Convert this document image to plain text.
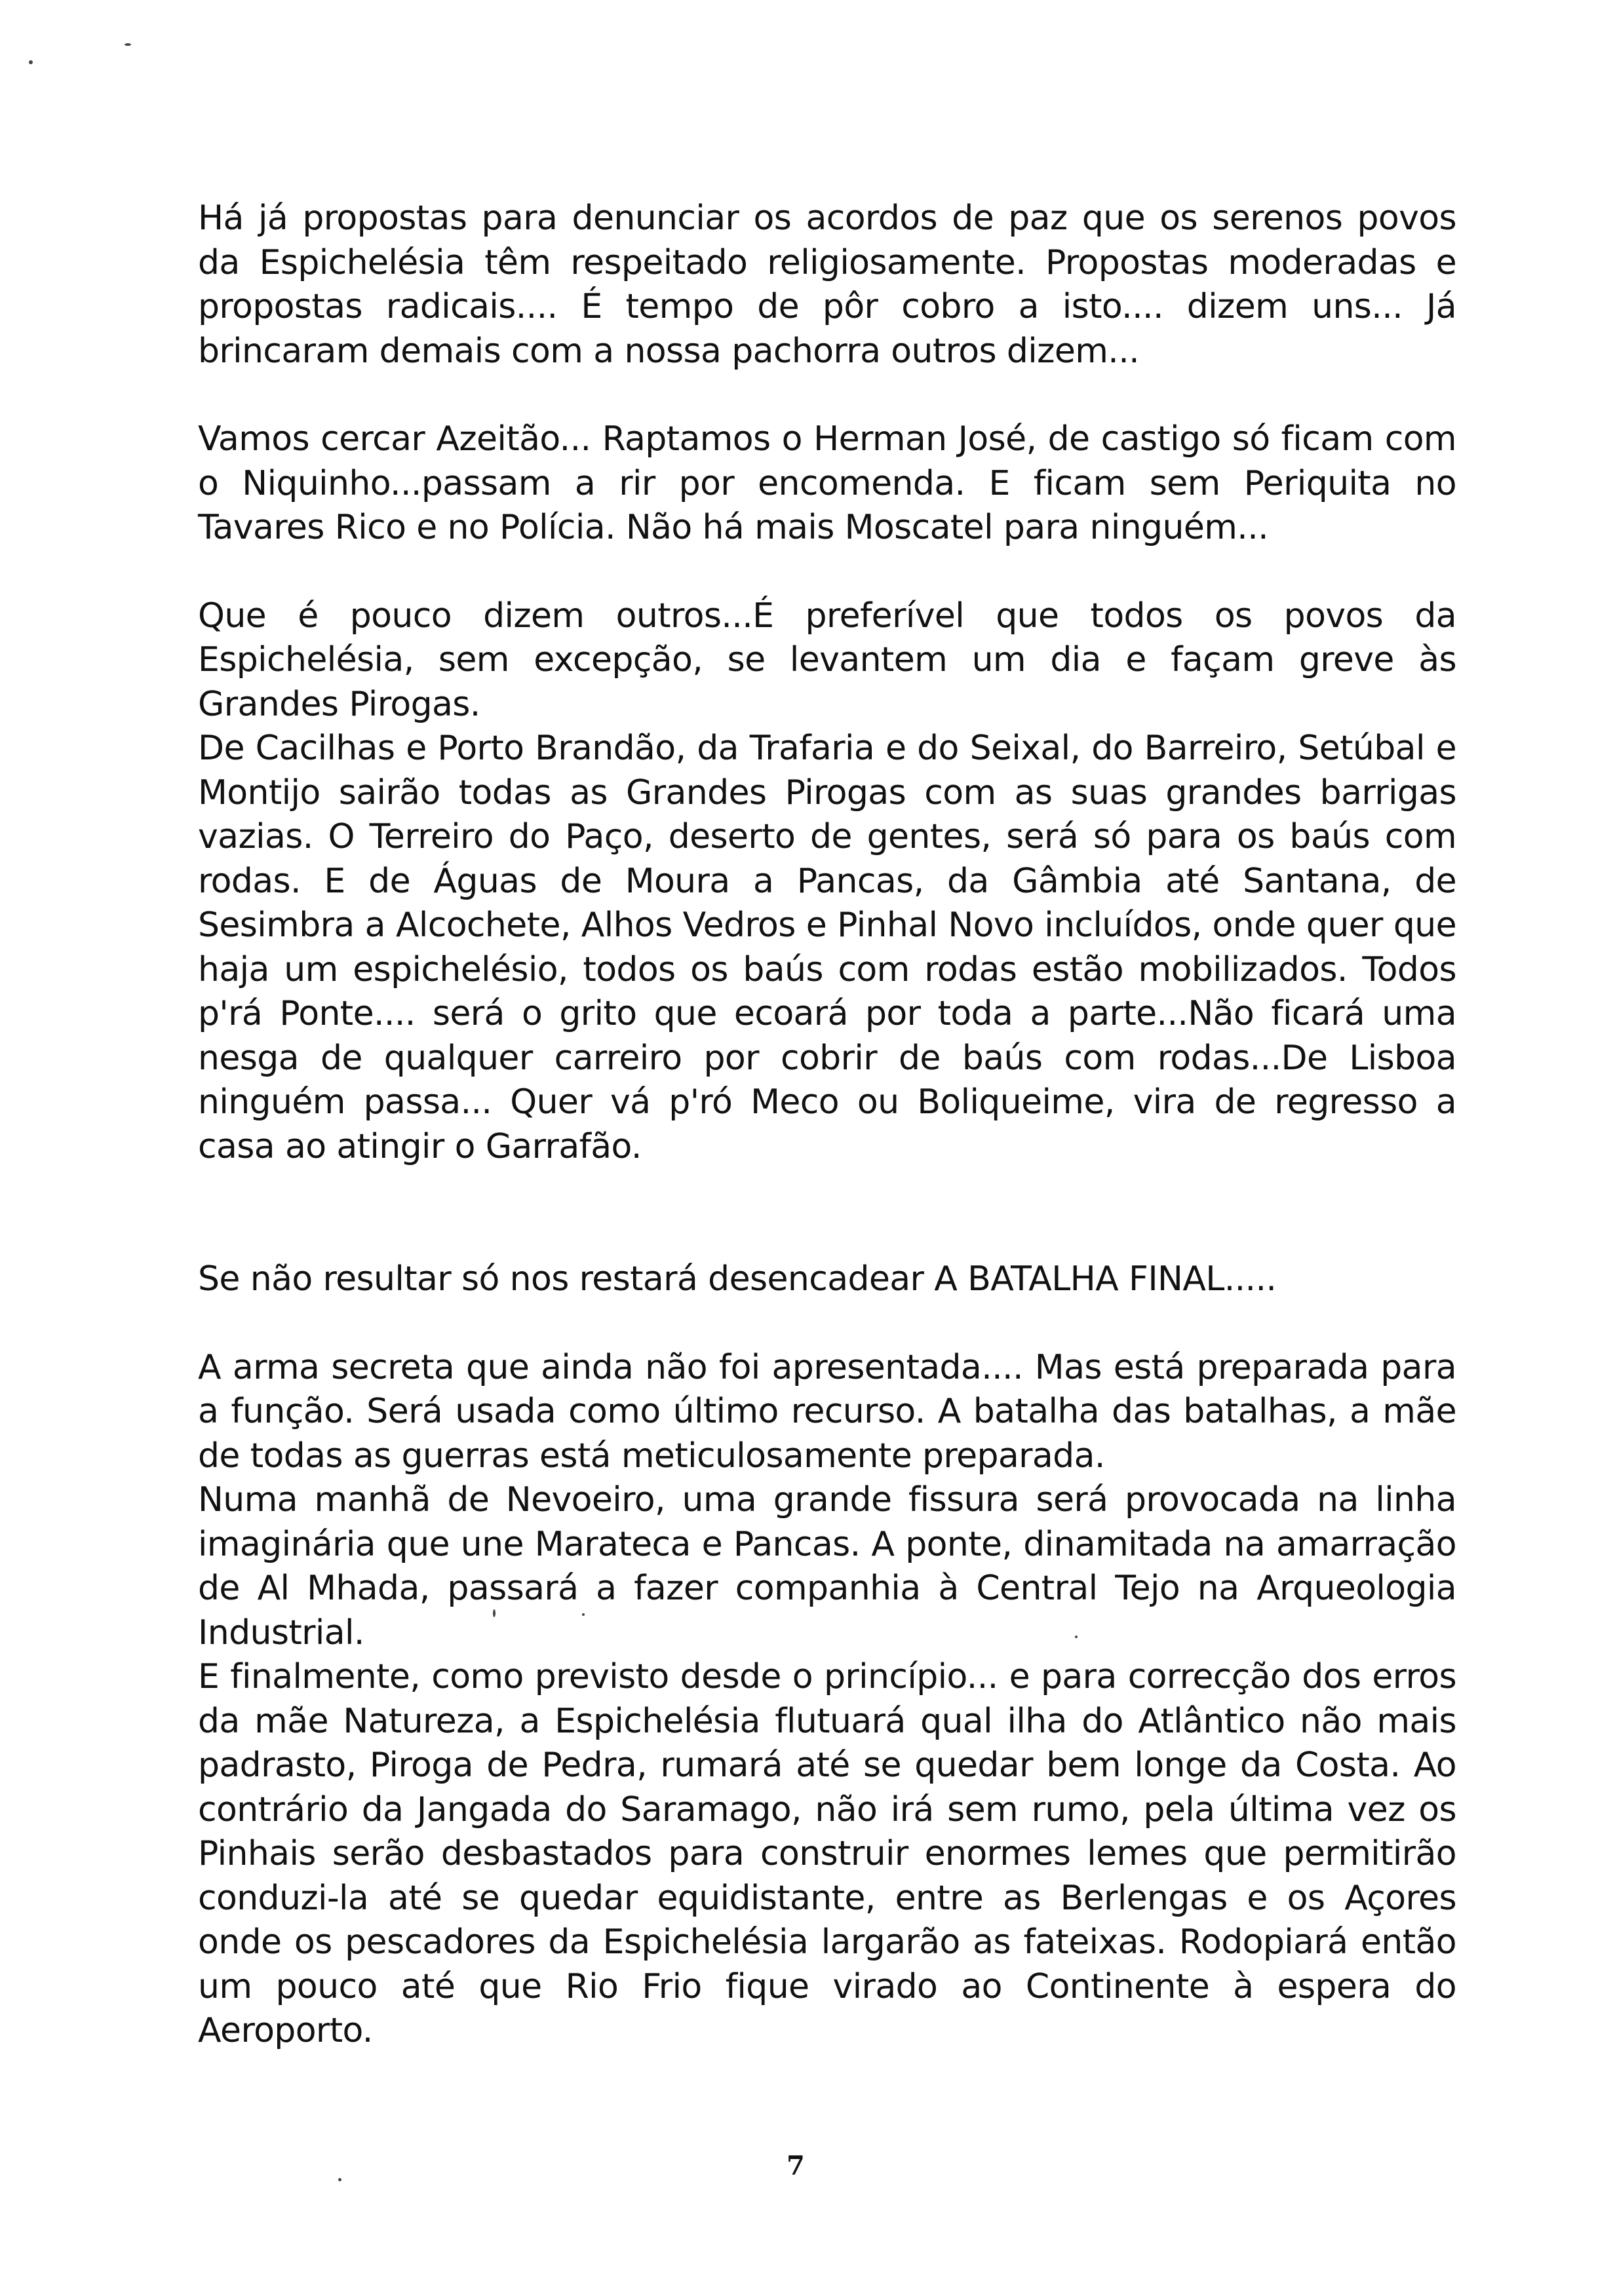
Há já propostas para denunciar os acordos de paz que os serenos povos da Espichelésia têm respeitado religiosamente. Propostas moderadas e propostas radicais.... É tempo de pôr cobro a isto.... dizem uns... Já brincaram demais com a nossa pachorra outros dizem...

Vamos cercar Azeitão... Raptamos o Herman José, de castigo só ficam com o Niquinho...passam a rir por encomenda. E ficam sem Periquita no Tavares Rico e no Polícia. Não há mais Moscatel para ninguém...

Que é pouco dizem outros...É preferível que todos os povos da Espichelésia, sem excepção, se levantem um dia e façam greve às Grandes Pirogas.

De Cacilhas e Porto Brandão, da Trafaria e do Seixal, do Barreiro, Setúbal e Montijo sairão todas as Grandes Pirogas com as suas grandes barrigas vazias. O Terreiro do Paço, deserto de gentes, será só para os baús com rodas. E de Águas de Moura a Pancas, da Gâmbia até Santana, de Sesimbra a Alcochete, Alhos Vedros e Pinhal Novo incluídos, onde quer que haja um espichelésio, todos os baús com rodas estão mobilizados. Todos p'rá Ponte.... será o grito que ecoará por toda a parte...Não ficará uma nesga de qualquer carreiro por cobrir de baús com rodas...De Lisboa ninguém passa... Quer vá p'ró Meco ou Boliqueime, vira de regresso a casa ao atingir o Garrafão.

Se não resultar só nos restará desencadear A BATALHA FINAL.....

A arma secreta que ainda não foi apresentada.... Mas está preparada para a função. Será usada como último recurso. A batalha das batalhas, a mãe de todas as guerras está meticulosamente preparada.

Numa manhã de Nevoeiro, uma grande fissura será provocada na linha imaginária que une Marateca e Pancas. A ponte, dinamitada na amarração de Al Mhada, passará a fazer companhia à Central Tejo na Arqueologia Industrial.

E finalmente, como previsto desde o princípio... e para correcção dos erros da mãe Natureza, a Espichelésia flutuará qual ilha do Atlântico não mais padrasto, Piroga de Pedra, rumará até se quedar bem longe da Costa. Ao contrário da Jangada do Saramago, não irá sem rumo, pela última vez os Pinhais serão desbastados para construir enormes lemes que permitirão conduzi-la até se quedar equidistante, entre as Berlengas e os Açores onde os pescadores da Espichelésia largarão as fateixas. Rodopiará então um pouco até que Rio Frio fique virado ao Continente à espera do Aeroporto.

7
